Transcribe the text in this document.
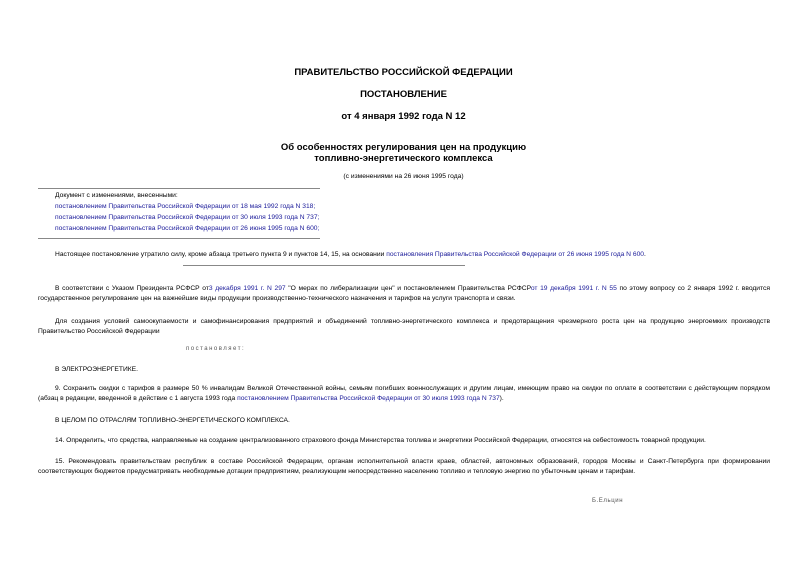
ПРАВИТЕЛЬСТВО РОССИЙСКОЙ ФЕДЕРАЦИИ
ПОСТАНОВЛЕНИЕ
от 4 января 1992 года N 12
Об особенностях регулирования цен на продукцию
топливно-энергетического комплекса
(с изменениями на 26 июня 1995 года)
Документ с изменениями, внесенными:
постановлением Правительства Российской Федерации от 18 мая 1992 года N 318;
постановлением Правительства Российской Федерации от 30 июля 1993 года N 737;
постановлением Правительства Российской Федерации от 26 июня 1995 года N 600;
Настоящее постановление утратило силу, кроме абзаца третьего пункта 9 и пунктов 14, 15, на основании постановления Правительства Российской Федерации от 26 июня 1995 года N 600.
В соответствии с Указом Президента РСФСР от3 декабря 1991 г. N 297 "О мерах по либерализации цен" и постановлением Правительства РСФСРот 19 декабря 1991 г. N 55 по этому вопросу со 2 января 1992 г. вводится государственное регулирование цен на важнейшие виды продукции производственно-технического назначения и тарифов на услуги транспорта и связи.
Для создания условий самоокупаемости и самофинансирования предприятий и объединений топливно-энергетического комплекса и предотвращения чрезмерного роста цен на продукцию энергоемких производств Правительство Российской Федерации
постановляет:
В ЭЛЕКТРОЭНЕРГЕТИКЕ.
9. Сохранить скидки с тарифов в размере 50 % инвалидам Великой Отечественной войны, семьям погибших военнослужащих и другим лицам, имеющим право на скидки по оплате в соответствии с действующим порядком (абзац в редакции, введенной в действие с 1 августа 1993 года постановлением Правительства Российской Федерации от 30 июля 1993 года N 737).
В ЦЕЛОМ ПО ОТРАСЛЯМ ТОПЛИВНО-ЭНЕРГЕТИЧЕСКОГО КОМПЛЕКСА.
14. Определить, что средства, направляемые на создание централизованного страхового фонда Министерства топлива и энергетики Российской Федерации, относятся на себестоимость товарной продукции.
15. Рекомендовать правительствам республик в составе Российской Федерации, органам исполнительной власти краев, областей, автономных образований, городов Москвы и Санкт-Петербурга при формировании соответствующих бюджетов предусматривать необходимые дотации предприятиям, реализующим непосредственно населению топливо и тепловую энергию по убыточным ценам и тарифам.
Б.Ельцин
